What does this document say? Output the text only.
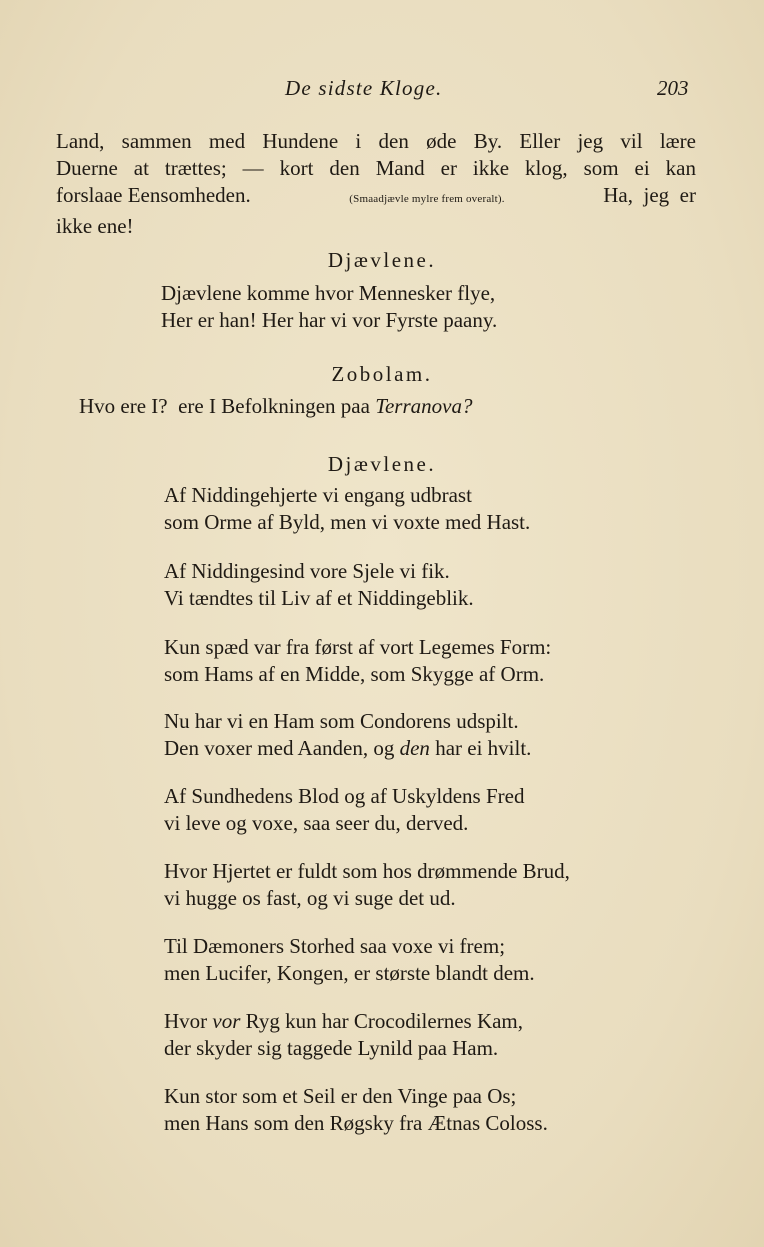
De sidste Kloge.	203
Land, sammen med Hundene i den øde By. Eller jeg vil lære
Duerne at trættes; — kort den Mand er ikke klog, som ei kan
forslaae Eensomheden.	(Smaadjævle mylre frem overalt).	Ha,  jeg  er
ikke ene!
Djævlene.
Djævlene komme hvor Mennesker flye,
Her er han! Her har vi vor Fyrste paany.
Zobolam.
Hvo ere I?  ere I Befolkningen paa Terranova?
Djævlene.
Af Niddingehjerte vi engang udbrast
som Orme af Byld, men vi voxte med Hast.
Af Niddingesind vore Sjele vi fik.
Vi tændtes til Liv af et Niddingeblik.
Kun spæd var fra først af vort Legemes Form:
som Hams af en Midde, som Skygge af Orm.
Nu har vi en Ham som Condorens udspilt.
Den voxer med Aanden, og den har ei hvilt.
Af Sundhedens Blod og af Uskyldens Fred
vi leve og voxe, saa seer du, derved.
Hvor Hjertet er fuldt som hos drømmende Brud,
vi hugge os fast, og vi suge det ud.
Til Dæmoners Storhed saa voxe vi frem;
men Lucifer, Kongen, er største blandt dem.
Hvor vor Ryg kun har Crocodilernes Kam,
der skyder sig taggede Lynild paa Ham.
Kun stor som et Seil er den Vinge paa Os;
men Hans som den Røgsky fra Ætnas Coloss.
